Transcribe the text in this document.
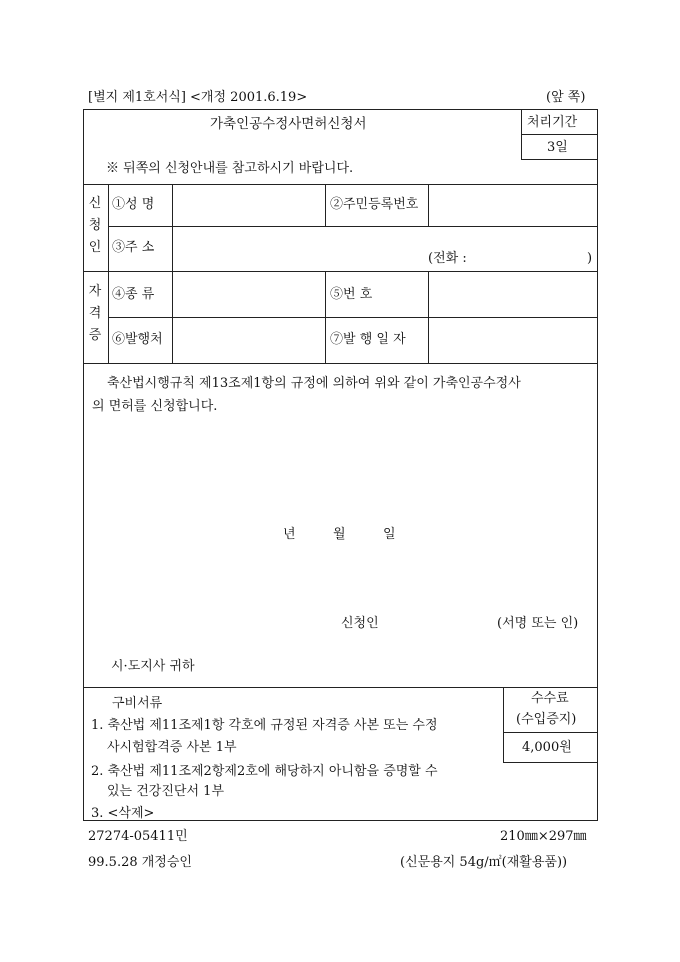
[별지 제1호서식] <개정 2001.6.19>	(앞 쪽)
가축인공수정사면허신청서	처리기간
3일
※ 뒤쪽의 신청안내를 참고하시기 바랍니다.
신
청
인
①성 명	②주민등록번호
③주 소
(전화 :	)
자
격
증
④종 류	⑤번 호
⑥발행처	⑦발 행 일 자
축산법시행규칙 제13조제1항의 규정에 의하여 위와 같이 가축인공수정사
의 면허를 신청합니다.
년	월	일
신청인	(서명 또는 인)
시·도지사 귀하
구비서류
1. 축산법 제11조제1항 각호에 규정된 자격증 사본 또는 수정
사시험합격증 사본 1부
2. 축산법 제11조제2항제2호에 해당하지 아니함을 증명할 수
있는 건강진단서 1부
3. <삭제>
수수료
(수입증지)
4,000원
27274-05411민
99.5.28 개정승인
210㎜×297㎜
(신문용지 54g/㎡(재활용품))
